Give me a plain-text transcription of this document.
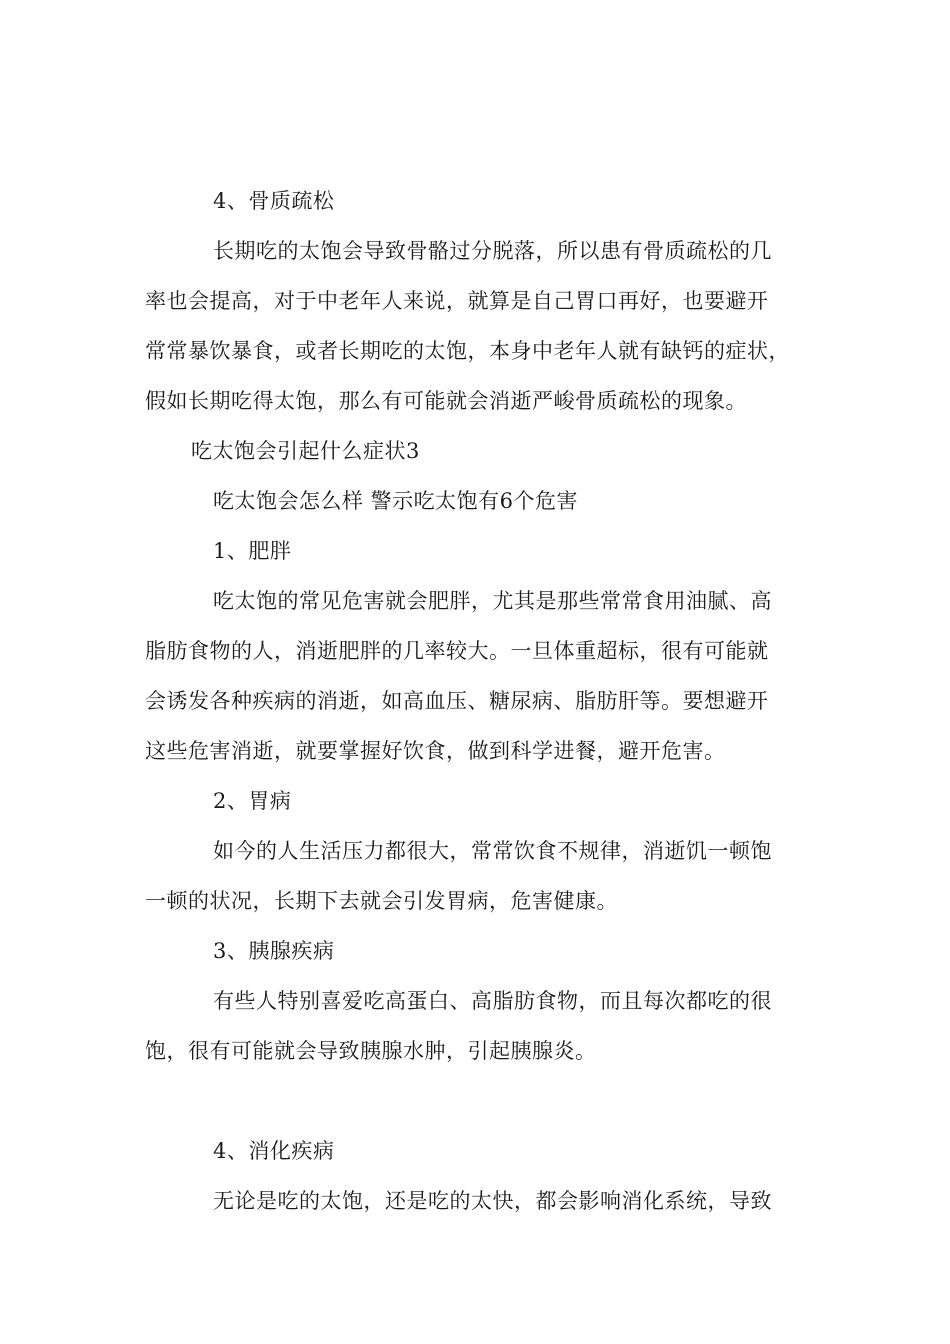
4、骨质疏松
长期吃的太饱会导致骨骼过分脱落，所以患有骨质疏松的几
率也会提高，对于中老年人来说，就算是自己胃口再好，也要避开
常常暴饮暴食，或者长期吃的太饱，本身中老年人就有缺钙的症状，
假如长期吃得太饱，那么有可能就会消逝严峻骨质疏松的现象。
吃太饱会引起什么症状3
吃太饱会怎么样 警示吃太饱有6个危害
1、肥胖
吃太饱的常见危害就会肥胖，尤其是那些常常食用油腻、高
脂肪食物的人，消逝肥胖的几率较大。一旦体重超标，很有可能就
会诱发各种疾病的消逝，如高血压、糖尿病、脂肪肝等。要想避开
这些危害消逝，就要掌握好饮食，做到科学进餐，避开危害。
2、胃病
如今的人生活压力都很大，常常饮食不规律，消逝饥一顿饱
一顿的状况，长期下去就会引发胃病，危害健康。
3、胰腺疾病
有些人特别喜爱吃高蛋白、高脂肪食物，而且每次都吃的很
饱，很有可能就会导致胰腺水肿，引起胰腺炎。
4、消化疾病
无论是吃的太饱，还是吃的太快，都会影响消化系统，导致
